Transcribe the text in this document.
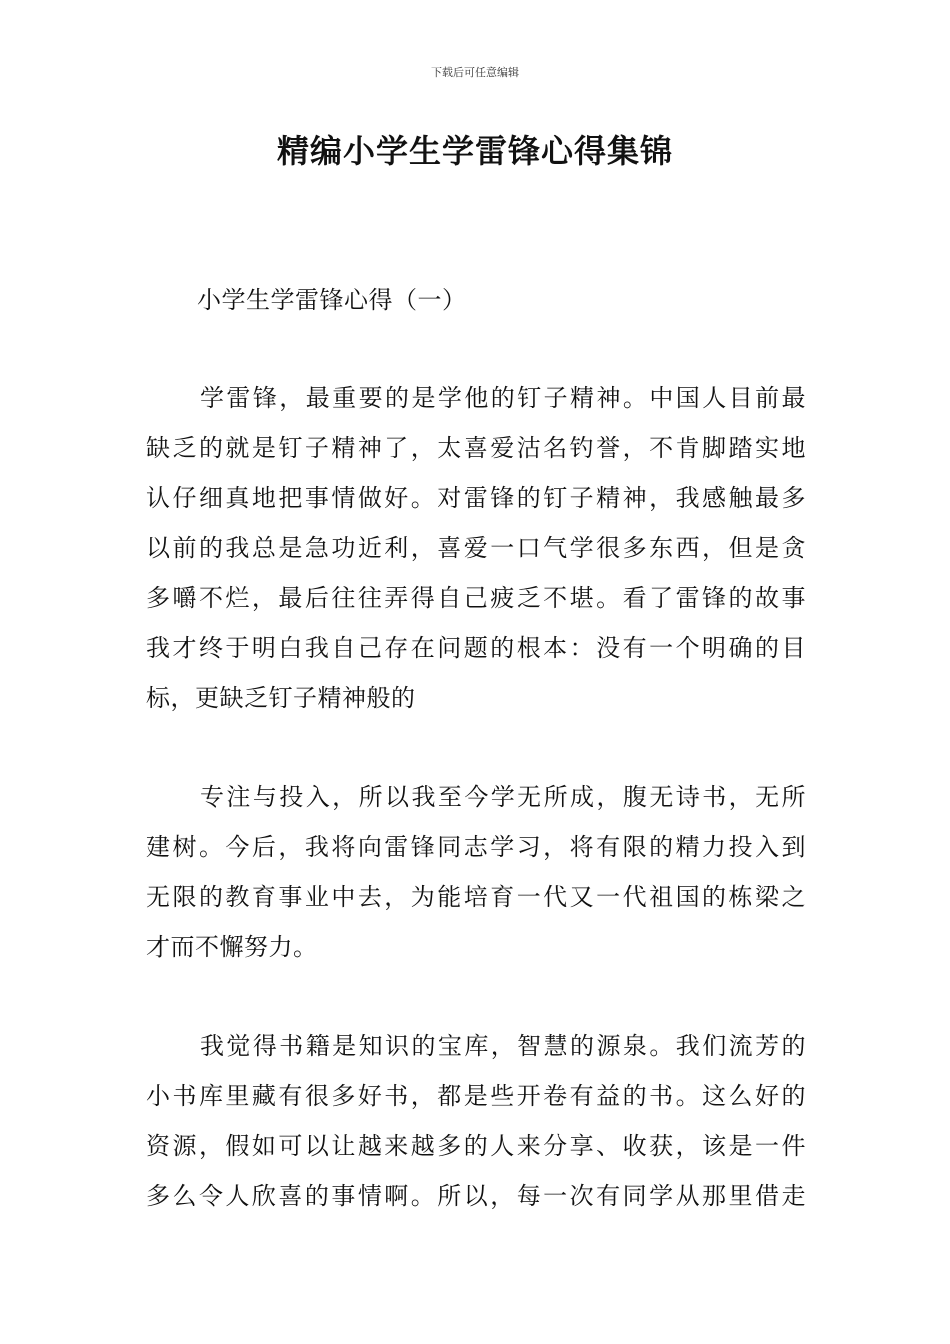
下载后可任意编辑
精编小学生学雷锋心得集锦
小学生学雷锋心得（一）
学雷锋，最重要的是学他的钉子精神。中国人目前最
缺乏的就是钉子精神了，太喜爱沽名钓誉，不肯脚踏实地
认仔细真地把事情做好。对雷锋的钉子精神，我感触最多
以前的我总是急功近利，喜爱一口气学很多东西，但是贪
多嚼不烂，最后往往弄得自己疲乏不堪。看了雷锋的故事
我才终于明白我自己存在问题的根本：没有一个明确的目
标，更缺乏钉子精神般的
专注与投入，所以我至今学无所成，腹无诗书，无所
建树。今后，我将向雷锋同志学习，将有限的精力投入到
无限的教育事业中去，为能培育一代又一代祖国的栋梁之
才而不懈努力。
我觉得书籍是知识的宝库，智慧的源泉。我们流芳的
小书库里藏有很多好书，都是些开卷有益的书。这么好的
资源，假如可以让越来越多的人来分享、收获，该是一件
多么令人欣喜的事情啊。所以，每一次有同学从那里借走
